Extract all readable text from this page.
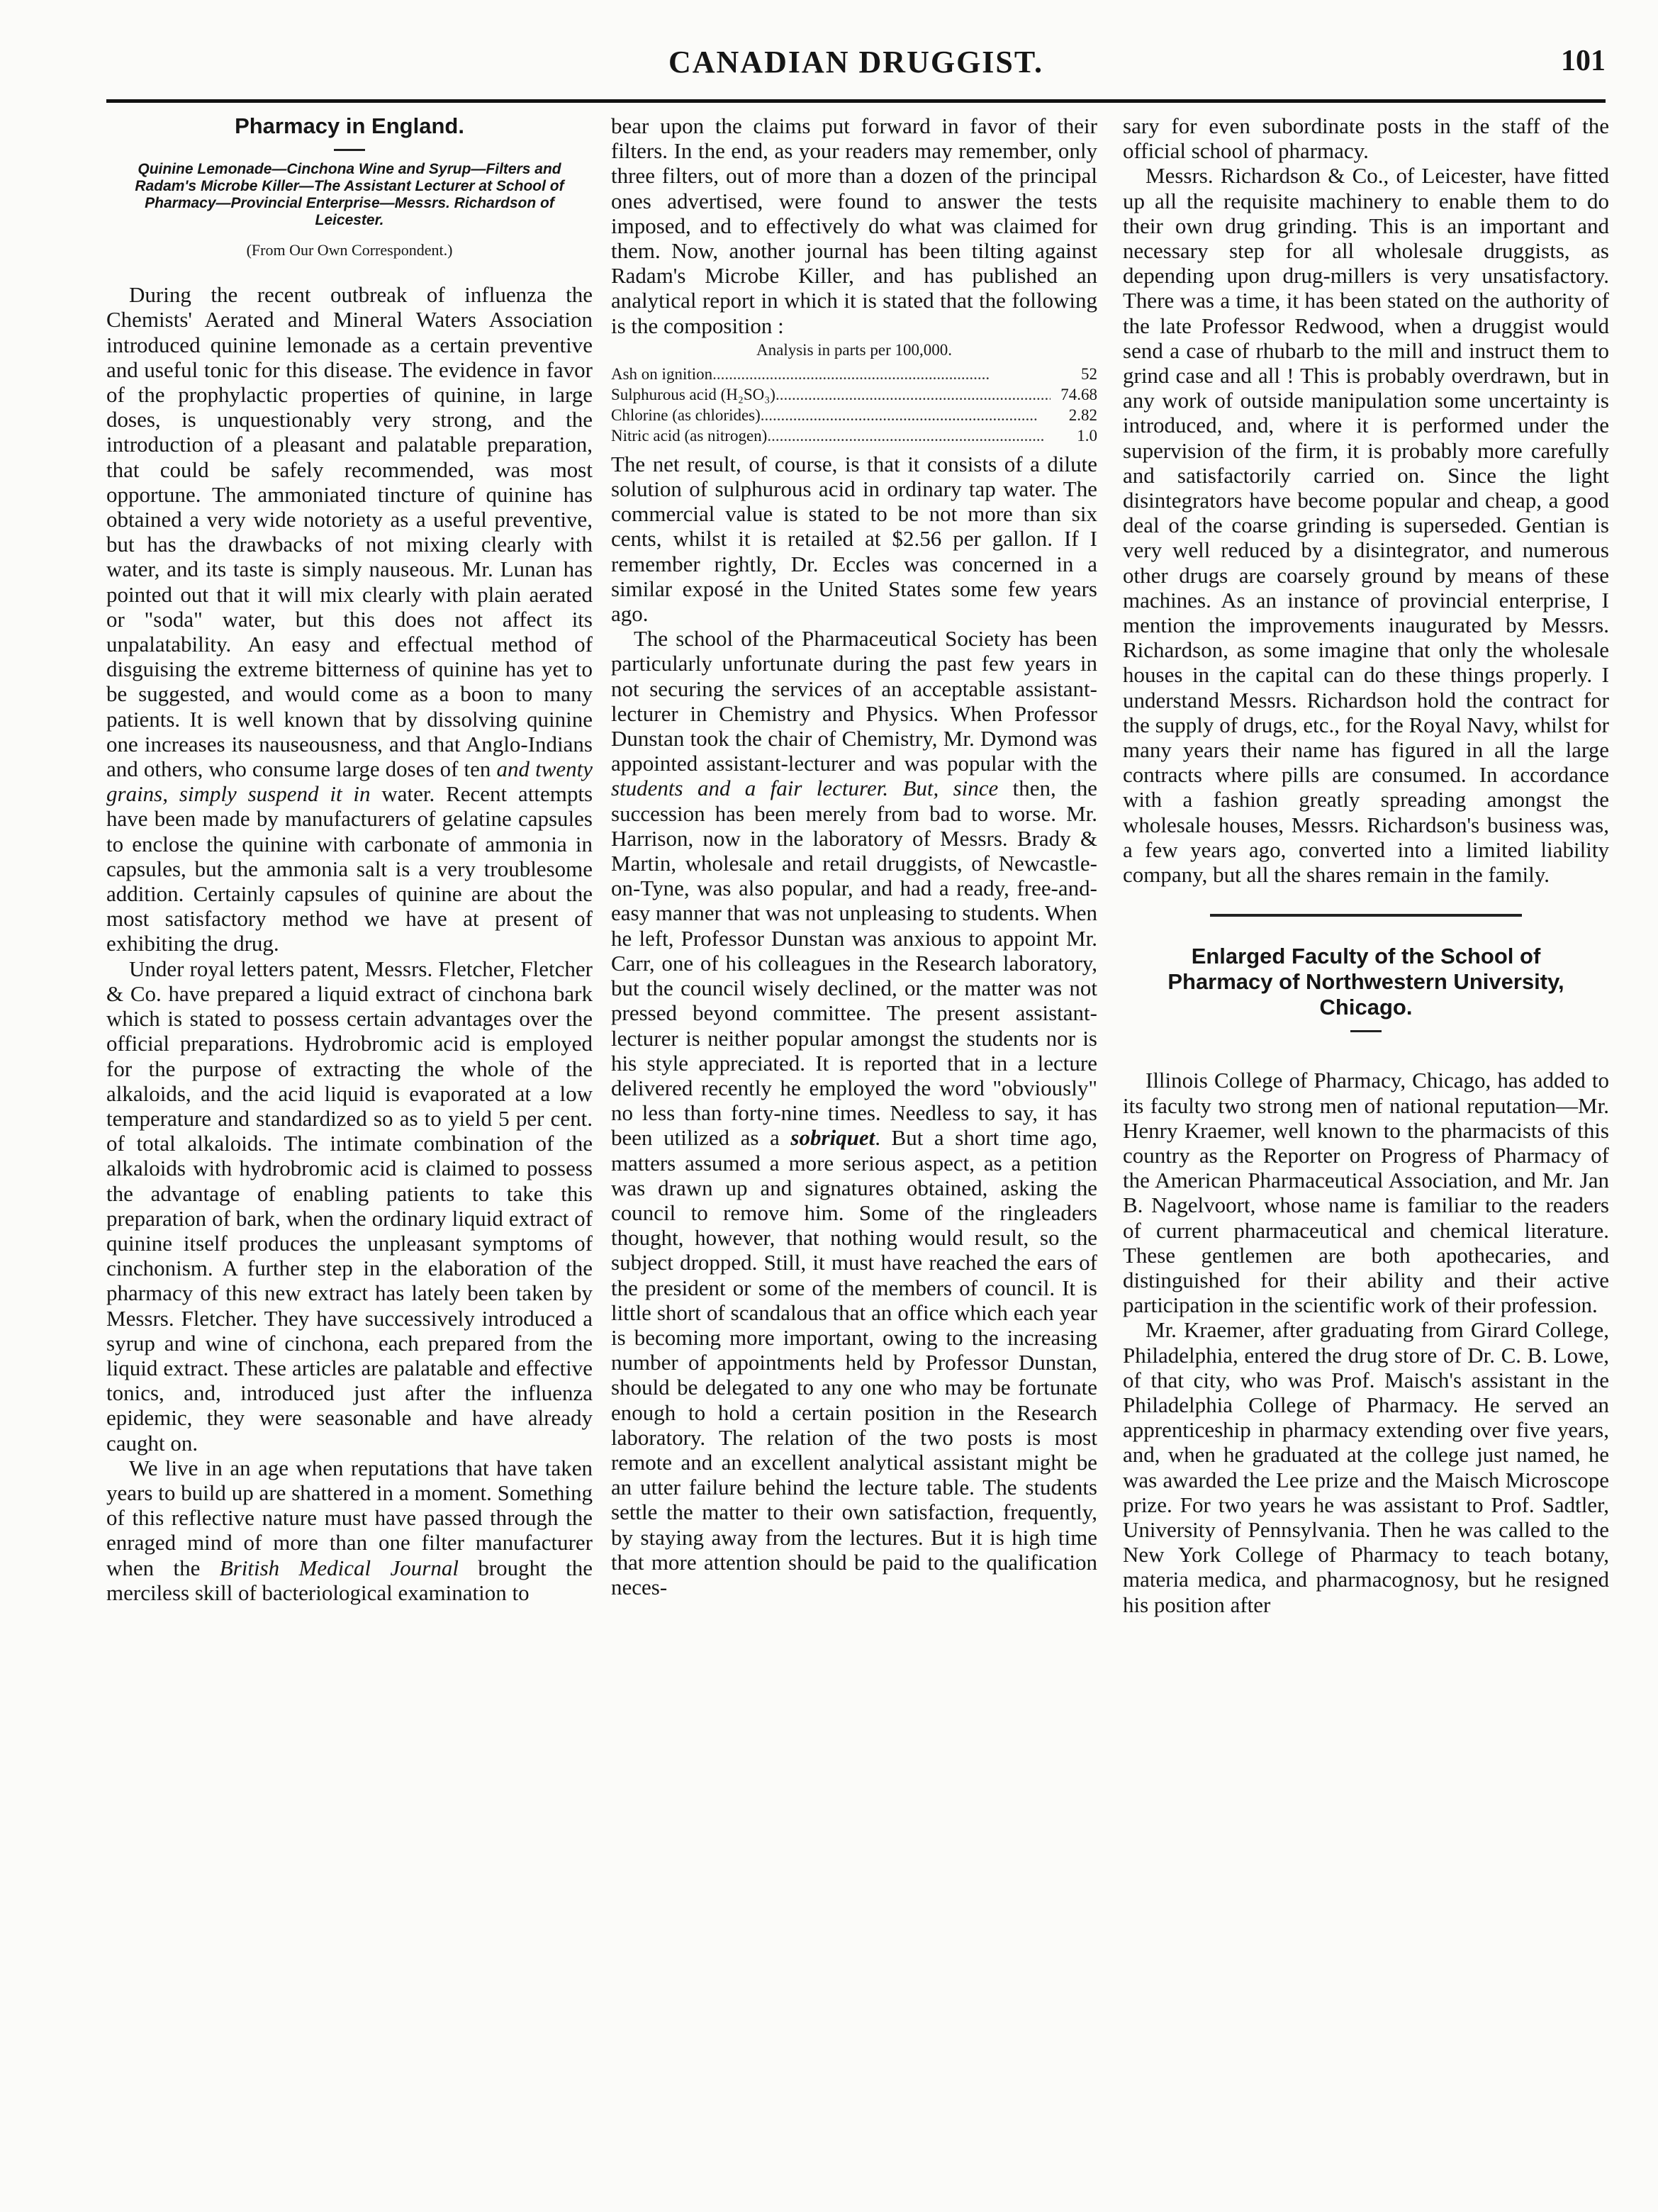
CANADIAN DRUGGIST.	101

Pharmacy in England.

Quinine Lemonade—Cinchona Wine and Syrup—Filters and Radam's Microbe Killer—The Assistant Lecturer at School of Pharmacy—Provincial Enterprise—Messrs. Richardson of Leicester.

(From Our Own Correspondent.)

During the recent outbreak of influenza the Chemists' Aerated and Mineral Waters Association introduced quinine lemonade as a certain preventive and useful tonic for this disease. The evidence in favor of the prophylactic properties of quinine, in large doses, is unquestionably very strong, and the introduction of a pleasant and palatable preparation, that could be safely recommended, was most opportune. The ammoniated tincture of quinine has obtained a very wide notoriety as a useful preventive, but has the drawbacks of not mixing clearly with water, and its taste is simply nauseous. Mr. Lunan has pointed out that it will mix clearly with plain aerated or "soda" water, but this does not affect its unpalatability. An easy and effectual method of disguising the extreme bitterness of quinine has yet to be suggested, and would come as a boon to many patients. It is well known that by dissolving quinine one increases its nauseousness, and that Anglo-Indians and others, who consume large doses of ten and twenty grains, simply suspend it in water. Recent attempts have been made by manufacturers of gelatine capsules to enclose the quinine with carbonate of ammonia in capsules, but the ammonia salt is a very troublesome addition. Certainly capsules of quinine are about the most satisfactory method we have at present of exhibiting the drug.

Under royal letters patent, Messrs. Fletcher, Fletcher & Co. have prepared a liquid extract of cinchona bark which is stated to possess certain advantages over the official preparations. Hydrobromic acid is employed for the purpose of extracting the whole of the alkaloids, and the acid liquid is evaporated at a low temperature and standardized so as to yield 5 per cent. of total alkaloids. The intimate combination of the alkaloids with hydrobromic acid is claimed to possess the advantage of enabling patients to take this preparation of bark, when the ordinary liquid extract of quinine itself produces the unpleasant symptoms of cinchonism. A further step in the elaboration of the pharmacy of this new extract has lately been taken by Messrs. Fletcher. They have successively introduced a syrup and wine of cinchona, each prepared from the liquid extract. These articles are palatable and effective tonics, and, introduced just after the influenza epidemic, they were seasonable and have already caught on.

We live in an age when reputations that have taken years to build up are shattered in a moment. Something of this reflective nature must have passed through the enraged mind of more than one filter manufacturer when the British Medical Journal brought the merciless skill of bacteriological examination to

bear upon the claims put forward in favor of their filters. In the end, as your readers may remember, only three filters, out of more than a dozen of the principal ones advertised, were found to answer the tests imposed, and to effectively do what was claimed for them. Now, another journal has been tilting against Radam's Microbe Killer, and has published an analytical report in which it is stated that the following is the composition :

Analysis in parts per 100,000.

Ash on ignition .....	52
Sulphurous acid (H₂SO₃) .....	74.68
Chlorine (as chlorides) .....	2.82
Nitric acid (as nitrogen) .....	1.0

The net result, of course, is that it consists of a dilute solution of sulphurous acid in ordinary tap water. The commercial value is stated to be not more than six cents, whilst it is retailed at $2.56 per gallon. If I remember rightly, Dr. Eccles was concerned in a similar exposé in the United States some few years ago.

The school of the Pharmaceutical Society has been particularly unfortunate during the past few years in not securing the services of an acceptable assistant-lecturer in Chemistry and Physics. When Professor Dunstan took the chair of Chemistry, Mr. Dymond was appointed assistant-lecturer and was popular with the students and a fair lecturer. But, since then, the succession has been merely from bad to worse. Mr. Harrison, now in the laboratory of Messrs. Brady & Martin, wholesale and retail druggists, of Newcastle-on-Tyne, was also popular, and had a ready, free-and-easy manner that was not unpleasing to students. When he left, Professor Dunstan was anxious to appoint Mr. Carr, one of his colleagues in the Research laboratory, but the council wisely declined, or the matter was not pressed beyond committee. The present assistant-lecturer is neither popular amongst the students nor is his style appreciated. It is reported that in a lecture delivered recently he employed the word "obviously" no less than forty-nine times. Needless to say, it has been utilized as a sobriquet. But a short time ago, matters assumed a more serious aspect, as a petition was drawn up and signatures obtained, asking the council to remove him. Some of the ringleaders thought, however, that nothing would result, so the subject dropped. Still, it must have reached the ears of the president or some of the members of council. It is little short of scandalous that an office which each year is becoming more important, owing to the increasing number of appointments held by Professor Dunstan, should be delegated to any one who may be fortunate enough to hold a certain position in the Research laboratory. The relation of the two posts is most remote and an excellent analytical assistant might be an utter failure behind the lecture table. The students settle the matter to their own satisfaction, frequently, by staying away from the lectures. But it is high time that more attention should be paid to the qualification neces-

sary for even subordinate posts in the staff of the official school of pharmacy.

Messrs. Richardson & Co., of Leicester, have fitted up all the requisite machinery to enable them to do their own drug grinding. This is an important and necessary step for all wholesale druggists, as depending upon drug-millers is very unsatisfactory. There was a time, it has been stated on the authority of the late Professor Redwood, when a druggist would send a case of rhubarb to the mill and instruct them to grind case and all ! This is probably overdrawn, but in any work of outside manipulation some uncertainty is introduced, and, where it is performed under the supervision of the firm, it is probably more carefully and satisfactorily carried on. Since the light disintegrators have become popular and cheap, a good deal of the coarse grinding is superseded. Gentian is very well reduced by a disintegrator, and numerous other drugs are coarsely ground by means of these machines. As an instance of provincial enterprise, I mention the improvements inaugurated by Messrs. Richardson, as some imagine that only the wholesale houses in the capital can do these things properly. I understand Messrs. Richardson hold the contract for the supply of drugs, etc., for the Royal Navy, whilst for many years their name has figured in all the large contracts where pills are consumed. In accordance with a fashion greatly spreading amongst the wholesale houses, Messrs. Richardson's business was, a few years ago, converted into a limited liability company, but all the shares remain in the family.

Enlarged Faculty of the School of Pharmacy of Northwestern University, Chicago.

Illinois College of Pharmacy, Chicago, has added to its faculty two strong men of national reputation—Mr. Henry Kraemer, well known to the pharmacists of this country as the Reporter on Progress of Pharmacy of the American Pharmaceutical Association, and Mr. Jan B. Nagelvoort, whose name is familiar to the readers of current pharmaceutical and chemical literature. These gentlemen are both apothecaries, and distinguished for their ability and their active participation in the scientific work of their profession.

Mr. Kraemer, after graduating from Girard College, Philadelphia, entered the drug store of Dr. C. B. Lowe, of that city, who was Prof. Maisch's assistant in the Philadelphia College of Pharmacy. He served an apprenticeship in pharmacy extending over five years, and, when he graduated at the college just named, he was awarded the Lee prize and the Maisch Microscope prize. For two years he was assistant to Prof. Sadtler, University of Pennsylvania. Then he was called to the New York College of Pharmacy to teach botany, materia medica, and pharmacognosy, but he resigned his position after
